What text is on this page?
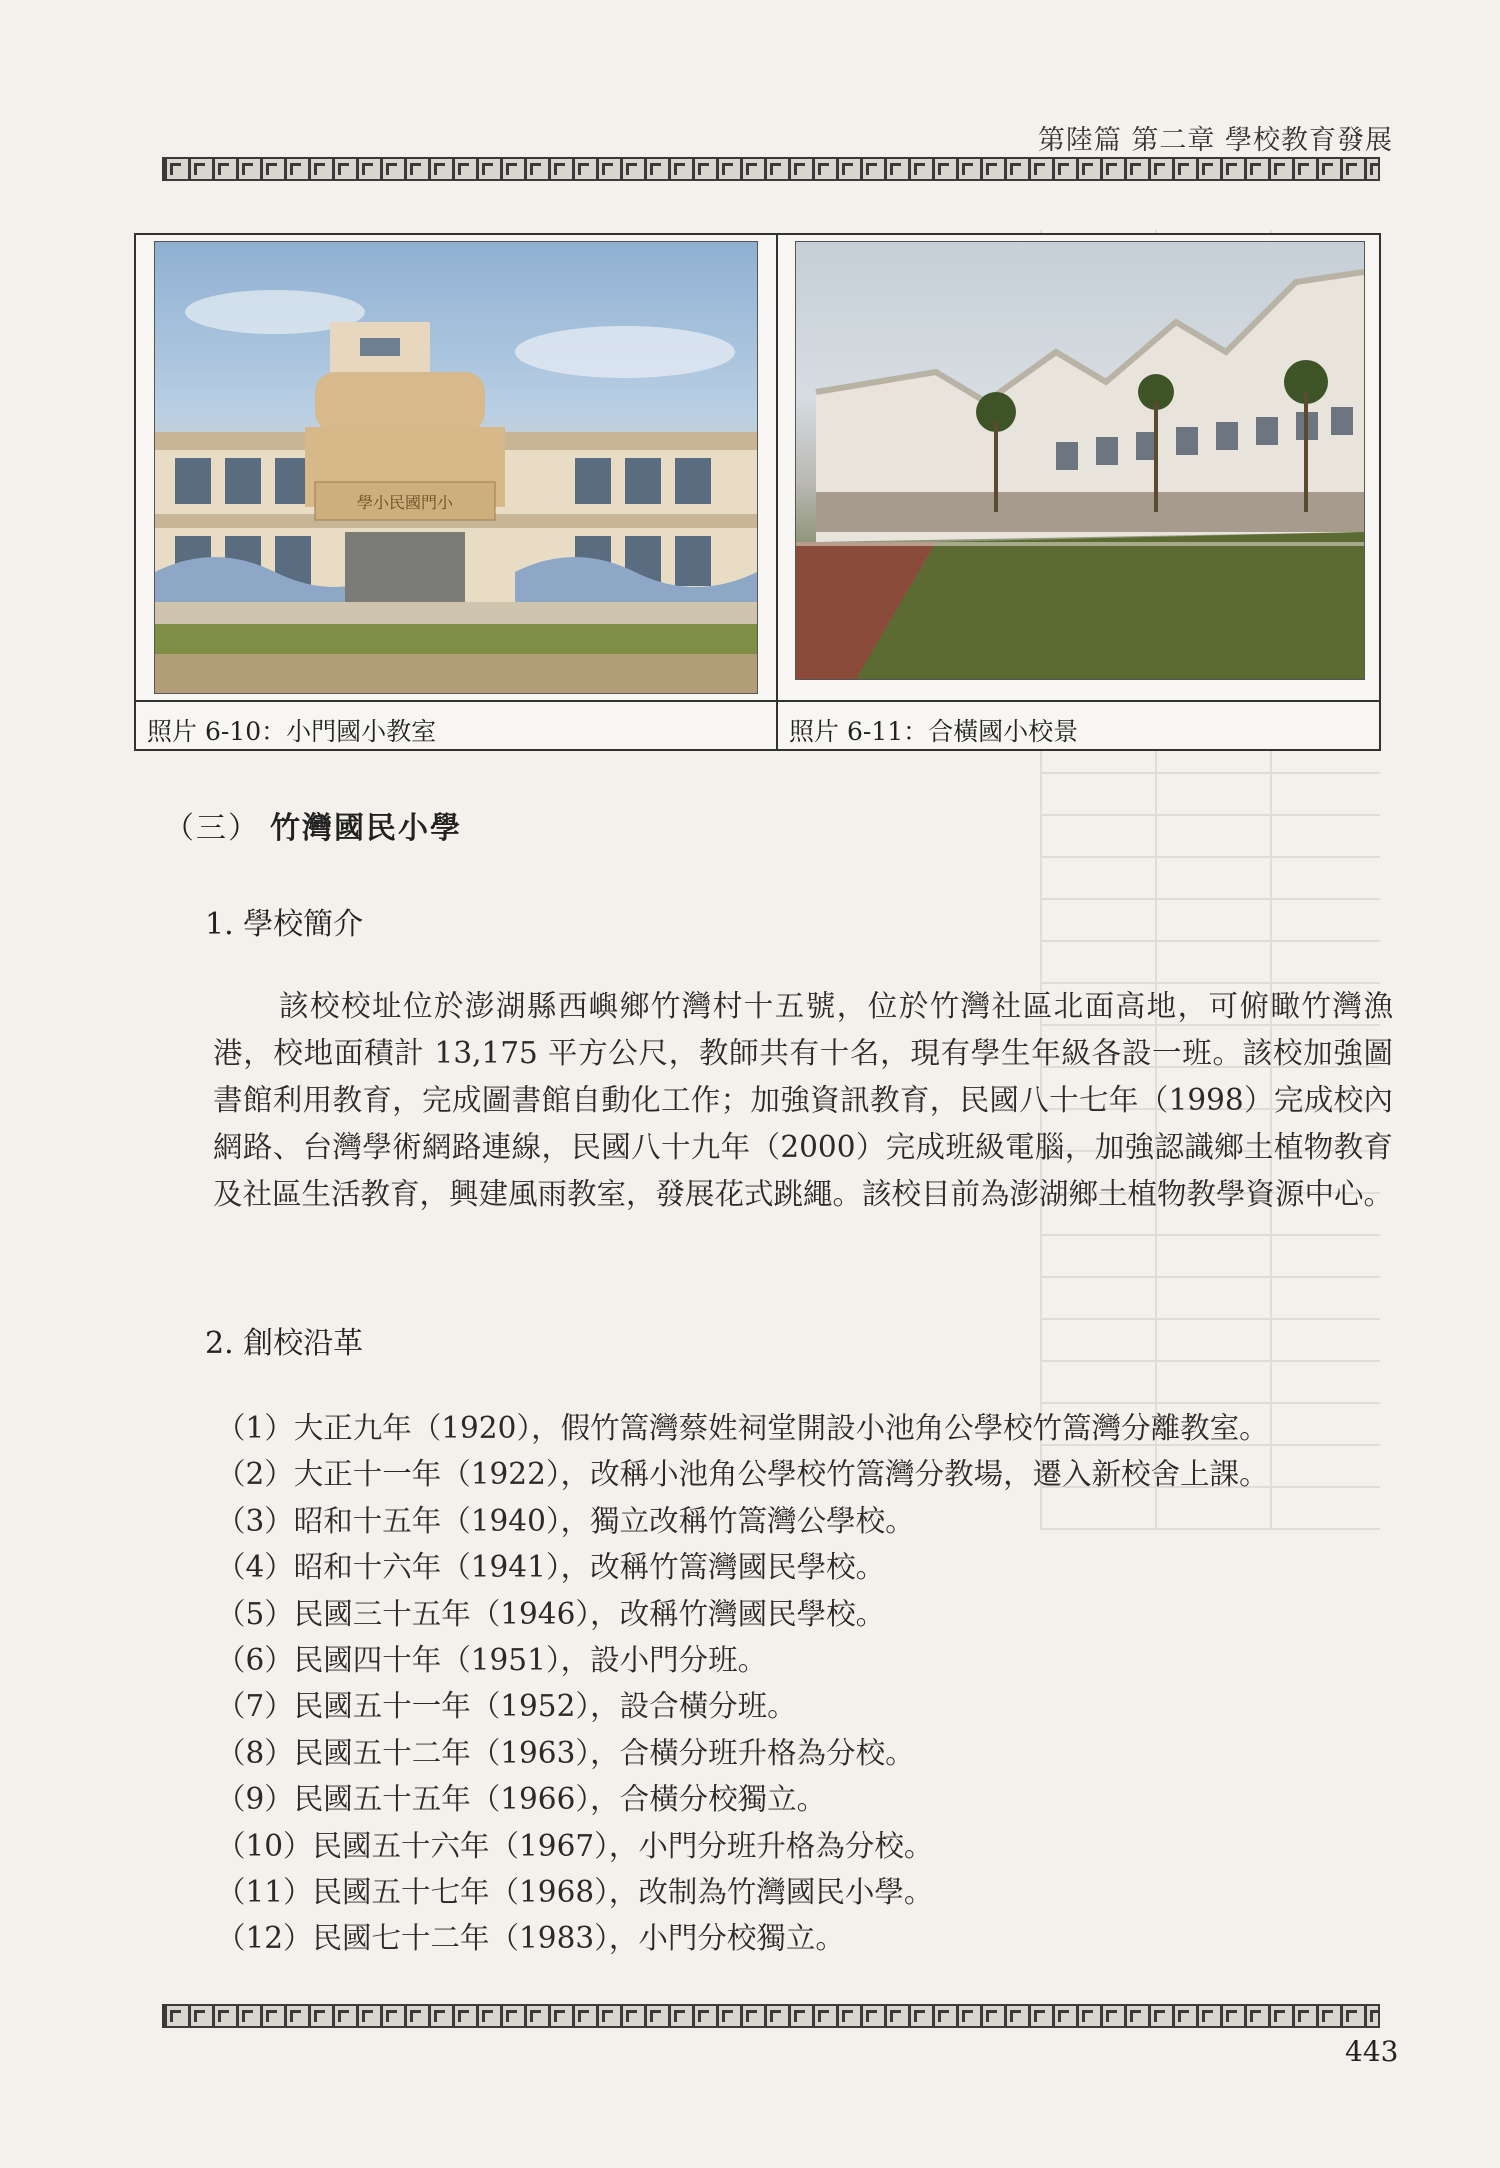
第陸篇 第二章 學校教育發展
學小民國門小
照片 6-10：小門國小教室	照片 6-11：合橫國小校景
（三） 竹灣國民小學
1. 學校簡介

該校校址位於澎湖縣西嶼鄉竹灣村十五號，位於竹灣社區北面高地，可俯瞰竹灣漁港，校地面積計 13,175 平方公尺，教師共有十名，現有學生年級各設一班。該校加強圖書館利用教育，完成圖書館自動化工作；加強資訊教育，民國八十七年（1998）完成校內網路、台灣學術網路連線，民國八十九年（2000）完成班級電腦，加強認識鄉土植物教育及社區生活教育，興建風雨教室，發展花式跳繩。該校目前為澎湖鄉土植物教學資源中心。

2. 創校沿革
（1）大正九年（1920），假竹篙灣蔡姓祠堂開設小池角公學校竹篙灣分離教室。
（2）大正十一年（1922），改稱小池角公學校竹篙灣分教場，遷入新校舍上課。
（3）昭和十五年（1940），獨立改稱竹篙灣公學校。
（4）昭和十六年（1941），改稱竹篙灣國民學校。
（5）民國三十五年（1946），改稱竹灣國民學校。
（6）民國四十年（1951），設小門分班。
（7）民國五十一年（1952），設合橫分班。
（8）民國五十二年（1963），合橫分班升格為分校。
（9）民國五十五年（1966），合橫分校獨立。
（10）民國五十六年（1967），小門分班升格為分校。
（11）民國五十七年（1968），改制為竹灣國民小學。
（12）民國七十二年（1983），小門分校獨立。
443
